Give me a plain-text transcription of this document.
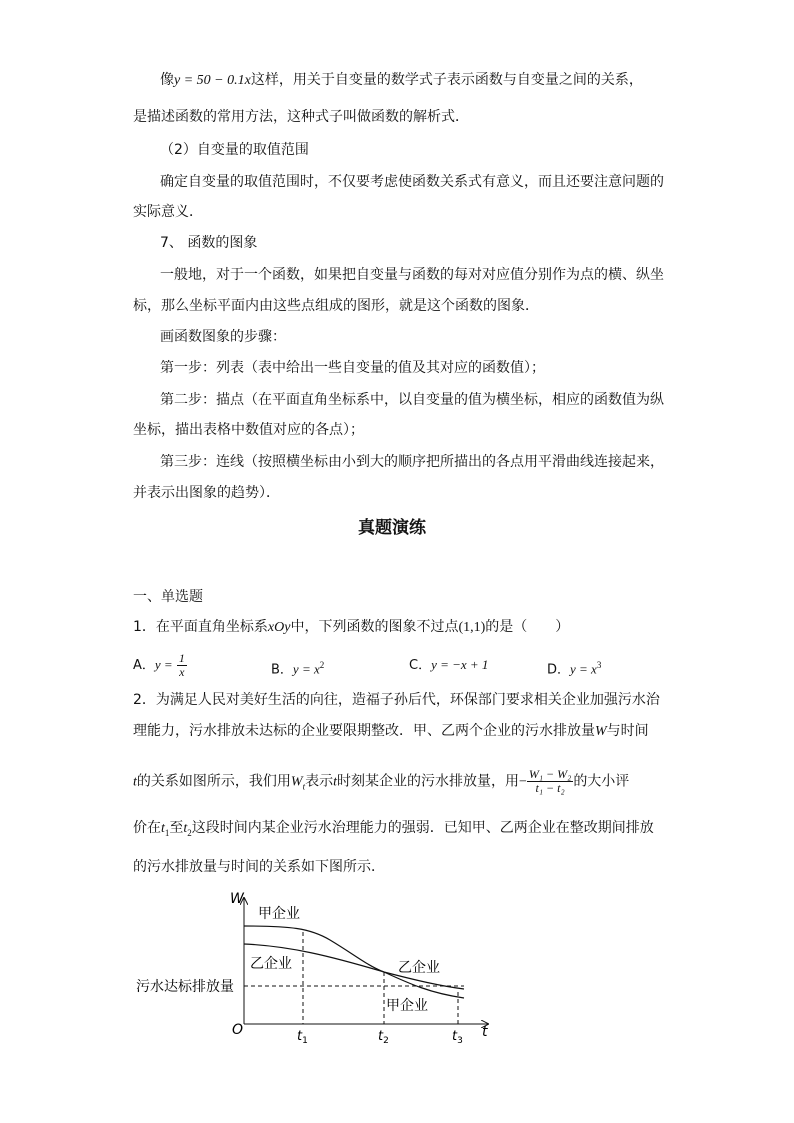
像y = 50 − 0.1x这样，用关于自变量的数学式子表示函数与自变量之间的关系，
是描述函数的常用方法，这种式子叫做函数的解析式．
（2）自变量的取值范围
确定自变量的取值范围时，不仅要考虑使函数关系式有意义，而且还要注意问题的
实际意义．
7、 函数的图象
一般地，对于一个函数，如果把自变量与函数的每对对应值分别作为点的横、纵坐
标，那么坐标平面内由这些点组成的图形，就是这个函数的图象．
画函数图象的步骤：
第一步：列表（表中给出一些自变量的值及其对应的函数值）；
第二步：描点（在平面直角坐标系中，以自变量的值为横坐标，相应的函数值为纵
坐标，描出表格中数值对应的各点）；
第三步：连线（按照横坐标由小到大的顺序把所描出的各点用平滑曲线连接起来，
并表示出图象的趋势）．
真题演练
一、单选题
1．在平面直角坐标系xOy中，下列函数的图象不过点(1,1)的是（　　）
A．$y = \frac{1}{x}$	B．$y = x^2$	C．y = −x + 1	D．$y = x^3$
2．为满足人民对美好生活的向往，造福子孙后代，环保部门要求相关企业加强污水治
理能力，污水排放未达标的企业要限期整改．甲、乙两个企业的污水排放量W与时间
t的关系如图所示，我们用$W_t$表示t时刻某企业的污水排放量，用− $\frac{\text{W₁ − W₂}}{\text{t₁ − t₂}}$ 的大小评
价在$t_1$至$t_2$这段时间内某企业污水治理能力的强弱．已知甲、乙两企业在整改期间排放
的污水排放量与时间的关系如下图所示．
W
t
O
甲企业
乙企业	乙企业
甲企业
污水达标排放量
$t_1$	$t_2$	$t_3$
